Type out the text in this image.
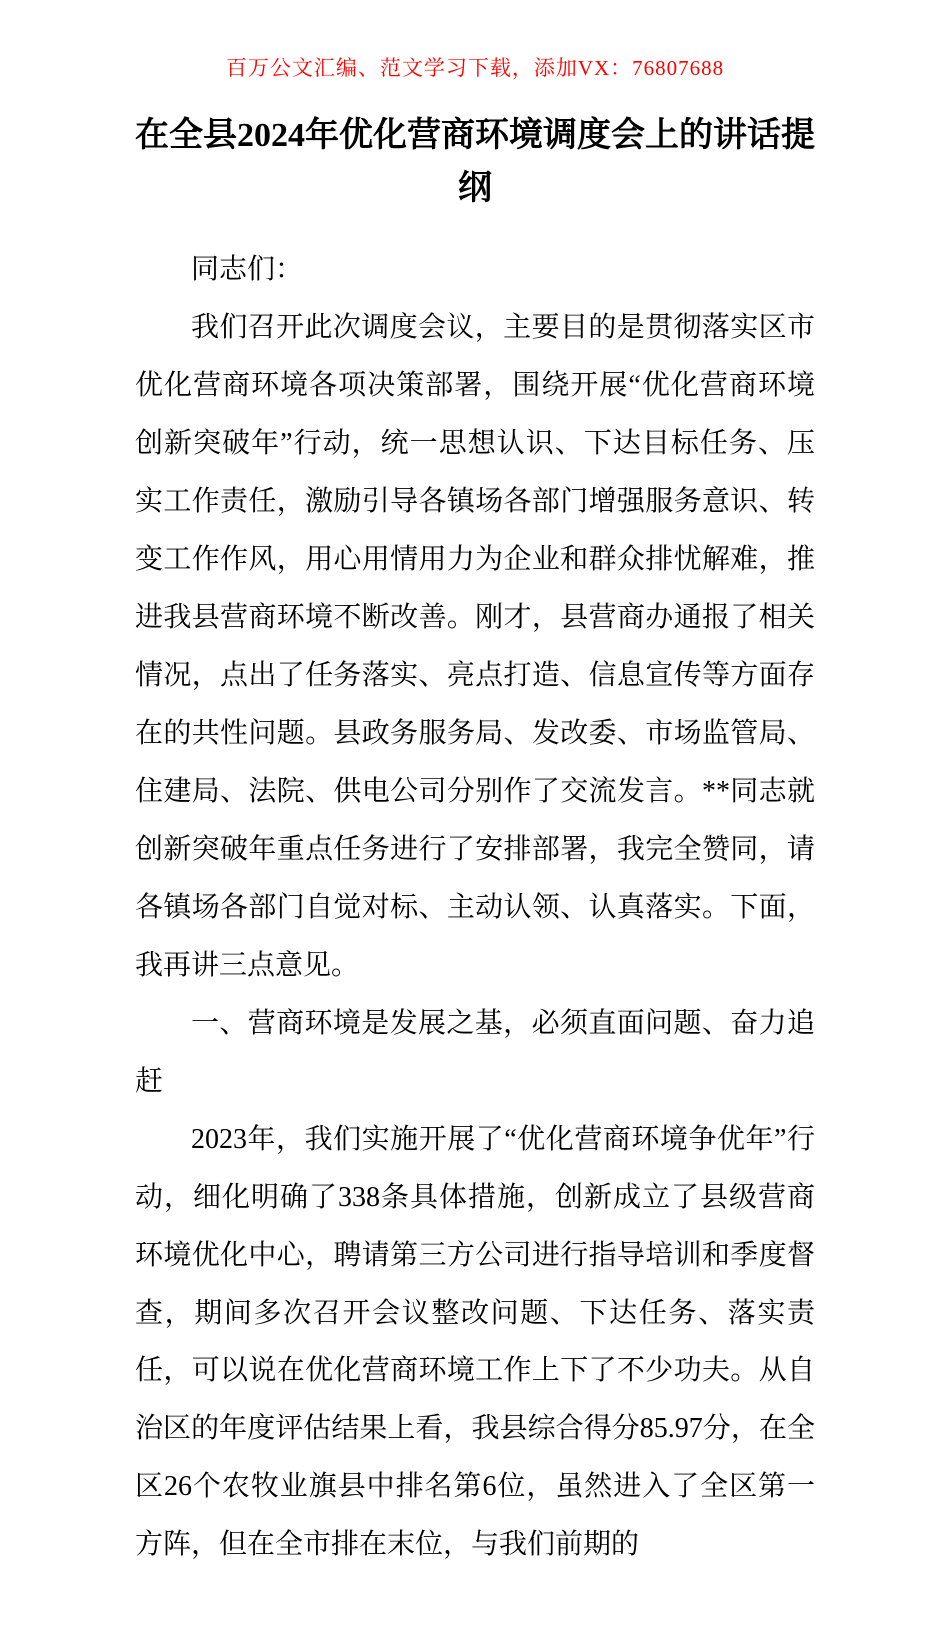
百万公文汇编、范文学习下载，添加VX：76807688
在全县2024年优化营商环境调度会上的讲话提纲

同志们：

我们召开此次调度会议，主要目的是贯彻落实区市优化营商环境各项决策部署，围绕开展“优化营商环境创新突破年”行动，统一思想认识、下达目标任务、压实工作责任，激励引导各镇场各部门增强服务意识、转变工作作风，用心用情用力为企业和群众排忧解难，推进我县营商环境不断改善。刚才，县营商办通报了相关情况，点出了任务落实、亮点打造、信息宣传等方面存在的共性问题。县政务服务局、发改委、市场监管局、住建局、法院、供电公司分别作了交流发言。**同志就创新突破年重点任务进行了安排部署，我完全赞同，请各镇场各部门自觉对标、主动认领、认真落实。下面，我再讲三点意见。

一、营商环境是发展之基，必须直面问题、奋力追赶

2023年，我们实施开展了“优化营商环境争优年”行动，细化明确了338条具体措施，创新成立了县级营商环境优化中心，聘请第三方公司进行指导培训和季度督查，期间多次召开会议整改问题、下达任务、落实责任，可以说在优化营商环境工作上下了不少功夫。从自治区的年度评估结果上看，我县综合得分85.97分，在全区26个农牧业旗县中排名第6位，虽然进入了全区第一方阵，但在全市排在末位，与我们前期的
